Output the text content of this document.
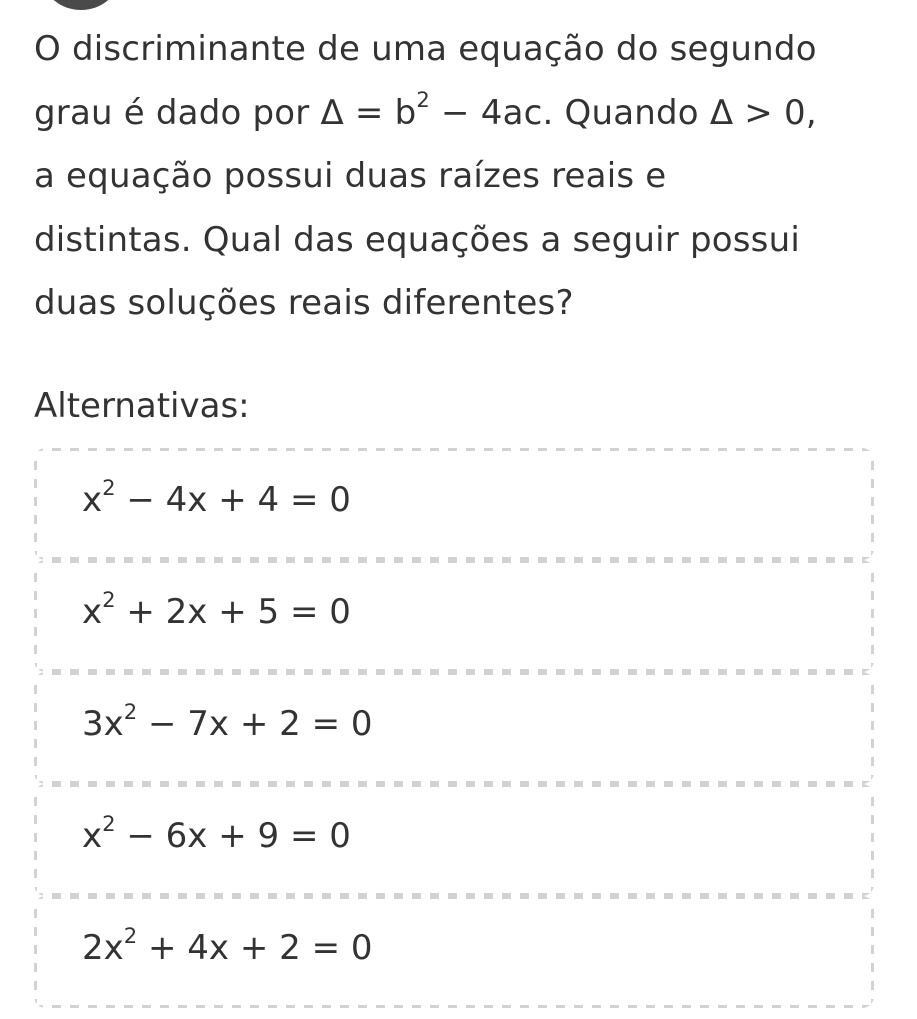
O discriminante de uma equação do segundo
grau é dado por $\Delta = b^2 - 4ac$. Quando Δ > 0,
a equação possui duas raízes reais e
distintas. Qual das equações a seguir possui
duas soluções reais diferentes?
Alternativas:
$x^2 - 4x + 4 = 0$
$x^2 + 2x + 5 = 0$
$3x^2 - 7x + 2 = 0$
$x^2 - 6x + 9 = 0$
$2x^2 + 4x + 2 = 0$
